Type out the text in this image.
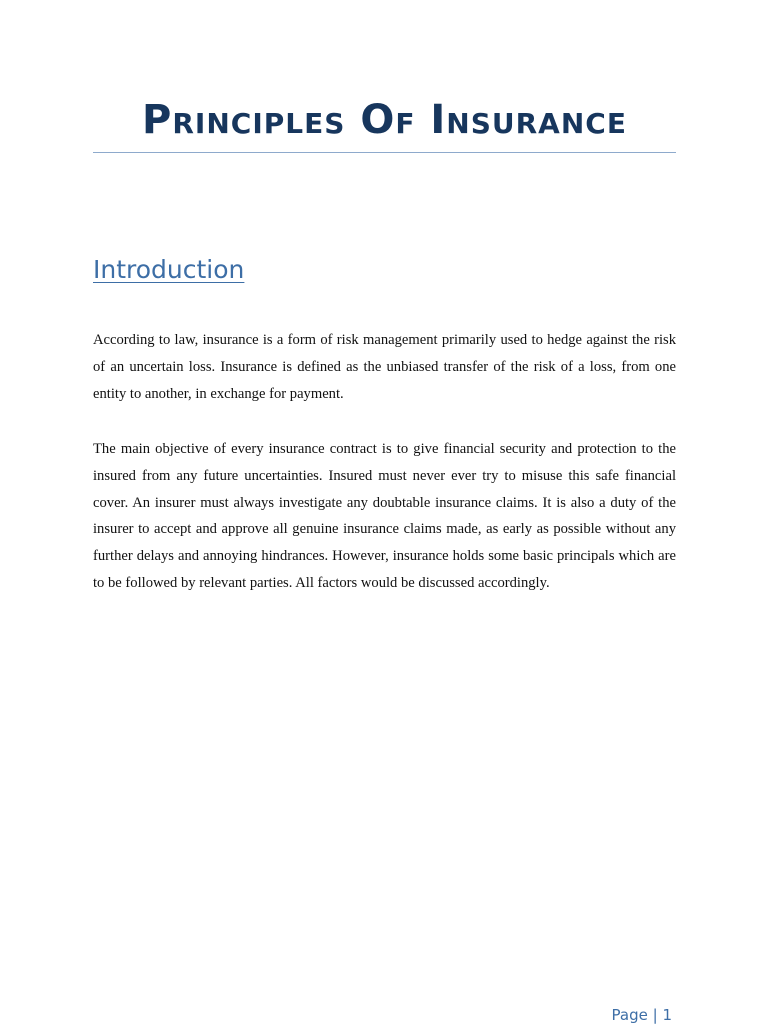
Principles Of Insurance
Introduction

According to law, insurance is a form of risk management primarily used to hedge against the risk of an uncertain loss. Insurance is defined as the unbiased transfer of the risk of a loss, from one entity to another, in exchange for payment.

The main objective of every insurance contract is to give financial security and protection to the insured from any future uncertainties. Insured must never ever try to misuse this safe financial cover. An insurer must always investigate any doubtable insurance claims. It is also a duty of the insurer to accept and approve all genuine insurance claims made, as early as possible without any further delays and annoying hindrances. However, insurance holds some basic principals which are to be followed by relevant parties. All factors would be discussed accordingly.

Page | 1
